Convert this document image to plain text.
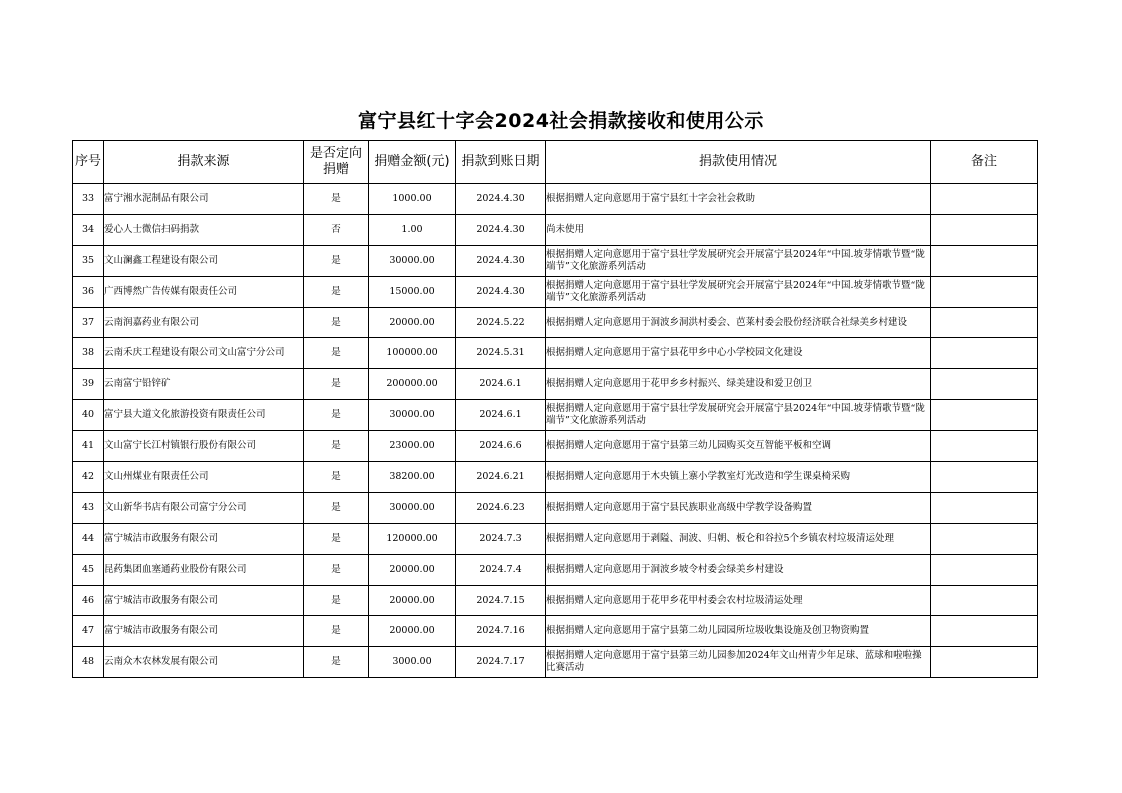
富宁县红十字会2024社会捐款接收和使用公示
序号	捐款来源	是否定向捐赠	捐赠金额(元)	捐款到账日期	捐款使用情况	备注
33	富宁湘水泥制品有限公司	是	1000.00	2024.4.30	根据捐赠人定向意愿用于富宁县红十字会社会救助	
34	爱心人士微信扫码捐款	否	1.00	2024.4.30	尚未使用	
35	文山澜鑫工程建设有限公司	是	30000.00	2024.4.30	根据捐赠人定向意愿用于富宁县壮学发展研究会开展富宁县2024年“中国.坡芽情歌节暨“陇端节”文化旅游系列活动	
36	广西博然广告传媒有限责任公司	是	15000.00	2024.4.30	根据捐赠人定向意愿用于富宁县壮学发展研究会开展富宁县2024年“中国.坡芽情歌节暨“陇端节”文化旅游系列活动	
37	云南润嘉药业有限公司	是	20000.00	2024.5.22	根据捐赠人定向意愿用于洞波乡洞洪村委会、芭莱村委会股份经济联合社绿美乡村建设	
38	云南禾庆工程建设有限公司文山富宁分公司	是	100000.00	2024.5.31	根据捐赠人定向意愿用于富宁县花甲乡中心小学校园文化建设	
39	云南富宁铅锌矿	是	200000.00	2024.6.1	根据捐赠人定向意愿用于花甲乡乡村振兴、绿美建设和爱卫创卫	
40	富宁县大道文化旅游投资有限责任公司	是	30000.00	2024.6.1	根据捐赠人定向意愿用于富宁县壮学发展研究会开展富宁县2024年“中国.坡芽情歌节暨“陇端节”文化旅游系列活动	
41	文山富宁长江村镇银行股份有限公司	是	23000.00	2024.6.6	根据捐赠人定向意愿用于富宁县第三幼儿园购买交互智能平板和空调	
42	文山州煤业有限责任公司	是	38200.00	2024.6.21	根据捐赠人定向意愿用于木央镇上寨小学教室灯光改造和学生课桌椅采购	
43	文山新华书店有限公司富宁分公司	是	30000.00	2024.6.23	根据捐赠人定向意愿用于富宁县民族职业高级中学教学设备购置	
44	富宁城洁市政服务有限公司	是	120000.00	2024.7.3	根据捐赠人定向意愿用于剥隘、洞波、归朝、板仑和谷拉5个乡镇农村垃圾清运处理	
45	昆药集团血塞通药业股份有限公司	是	20000.00	2024.7.4	根据捐赠人定向意愿用于洞波乡坡令村委会绿美乡村建设	
46	富宁城洁市政服务有限公司	是	20000.00	2024.7.15	根据捐赠人定向意愿用于花甲乡花甲村委会农村垃圾清运处理	
47	富宁城洁市政服务有限公司	是	20000.00	2024.7.16	根据捐赠人定向意愿用于富宁县第二幼儿园园所垃圾收集设施及创卫物资购置	
48	云南众木农林发展有限公司	是	3000.00	2024.7.17	根据捐赠人定向意愿用于富宁县第三幼儿园参加2024年文山州青少年足球、蓝球和啦啦操比赛活动	
